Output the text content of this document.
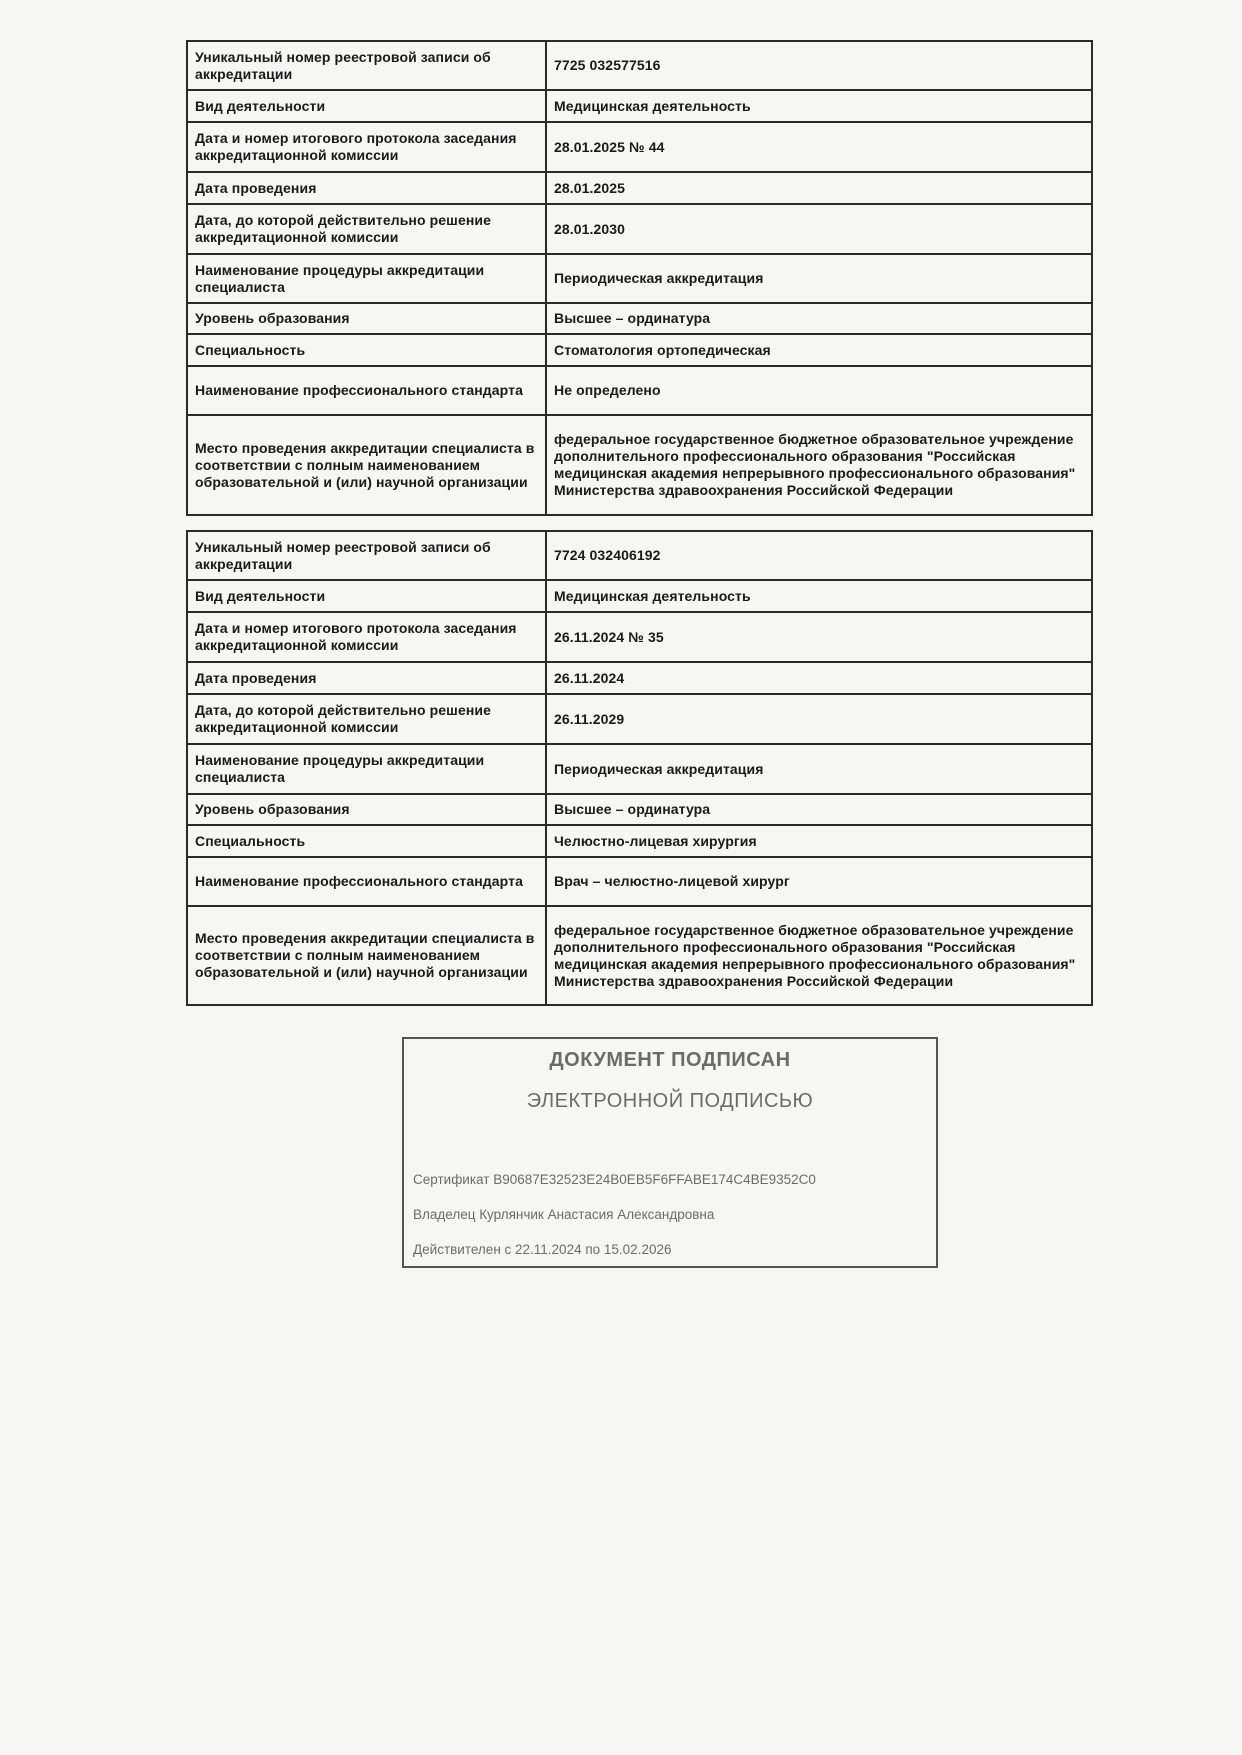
Уникальный номер реестровой записи об аккредитации	7725 032577516
Вид деятельности	Медицинская деятельность
Дата и номер итогового протокола заседания аккредитационной комиссии	28.01.2025 № 44
Дата проведения	28.01.2025
Дата, до которой действительно решение аккредитационной комиссии	28.01.2030
Наименование процедуры аккредитации специалиста	Периодическая аккредитация
Уровень образования	Высшее – ординатура
Специальность	Стоматология ортопедическая
Наименование профессионального стандарта	Не определено
Место проведения аккредитации специалиста в соответствии с полным наименованием образовательной и (или) научной организации	федеральное государственное бюджетное образовательное учреждение дополнительного профессионального образования "Российская медицинская академия непрерывного профессионального образования" Министерства здравоохранения Российской Федерации
Уникальный номер реестровой записи об аккредитации	7724 032406192
Вид деятельности	Медицинская деятельность
Дата и номер итогового протокола заседания аккредитационной комиссии	26.11.2024 № 35
Дата проведения	26.11.2024
Дата, до которой действительно решение аккредитационной комиссии	26.11.2029
Наименование процедуры аккредитации специалиста	Периодическая аккредитация
Уровень образования	Высшее – ординатура
Специальность	Челюстно-лицевая хирургия
Наименование профессионального стандарта	Врач – челюстно-лицевой хирург
Место проведения аккредитации специалиста в соответствии с полным наименованием образовательной и (или) научной организации	федеральное государственное бюджетное образовательное учреждение дополнительного профессионального образования "Российская медицинская академия непрерывного профессионального образования" Министерства здравоохранения Российской Федерации
ДОКУМЕНТ ПОДПИСАН
ЭЛЕКТРОННОЙ ПОДПИСЬЮ
Сертификат B90687E32523E24B0EB5F6FFABE174C4BE9352C0
Владелец Курлянчик Анастасия Александровна
Действителен с 22.11.2024 по 15.02.2026
